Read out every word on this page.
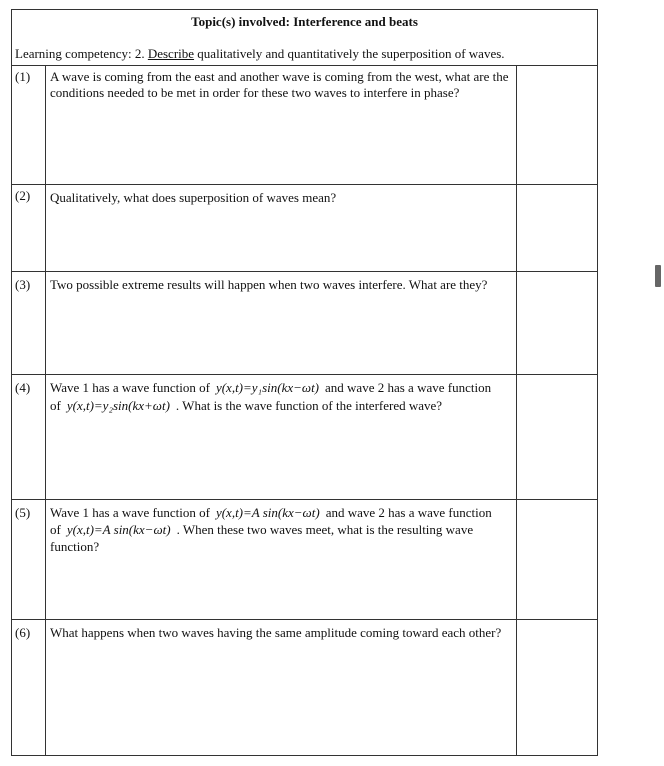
Topic(s) involved: Interference and beats
Learning competency: 2. Describe qualitatively and quantitatively the superposition of waves.
(1) A wave is coming from the east and another wave is coming from the west, what are the conditions needed to be met in order for these two waves to interfere in phase?
(2) Qualitatively, what does superposition of waves mean?
(3) Two possible extreme results will happen when two waves interfere. What are they?
(4) Wave 1 has a wave function of y(x,t)=y₁sin(kx−ωt) and wave 2 has a wave function of y(x,t)=y₂sin(kx+ωt) . What is the wave function of the interfered wave?
(5) Wave 1 has a wave function of y(x,t)=A sin(kx−ωt) and wave 2 has a wave function of y(x,t)=A sin(kx−ωt) . When these two waves meet, what is the resulting wave function?
(6) What happens when two waves having the same amplitude coming toward each other?
